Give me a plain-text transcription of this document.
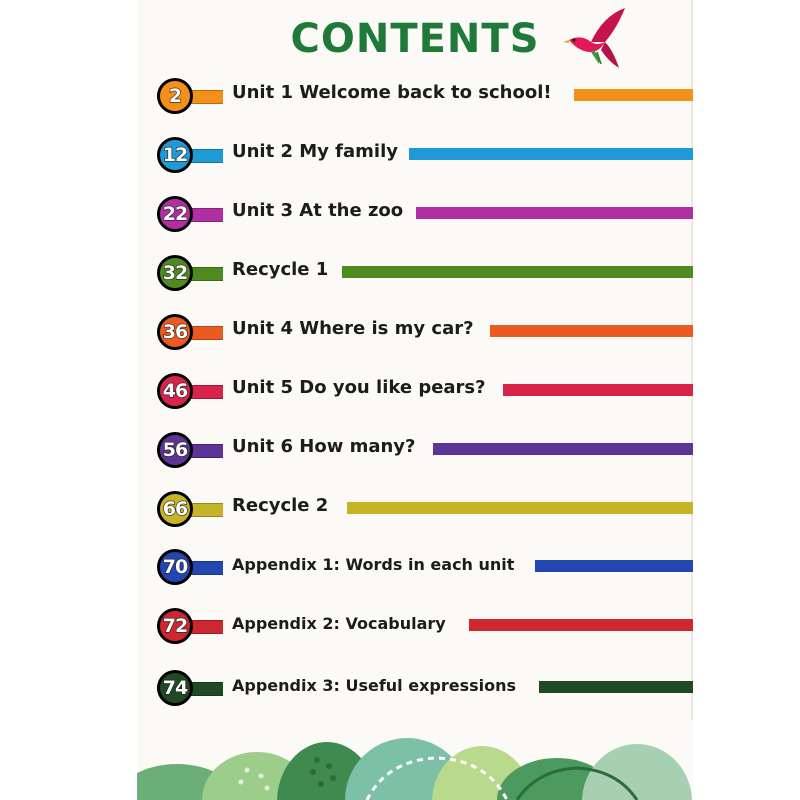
CONTENTS
2	Unit 1 Welcome back to school!
12	Unit 2 My family
22	Unit 3 At the zoo
32	Recycle 1
36	Unit 4 Where is my car?
46	Unit 5 Do you like pears?
56	Unit 6 How many?
66	Recycle 2
70	Appendix 1: Words in each unit
72	Appendix 2: Vocabulary
74	Appendix 3: Useful expressions
